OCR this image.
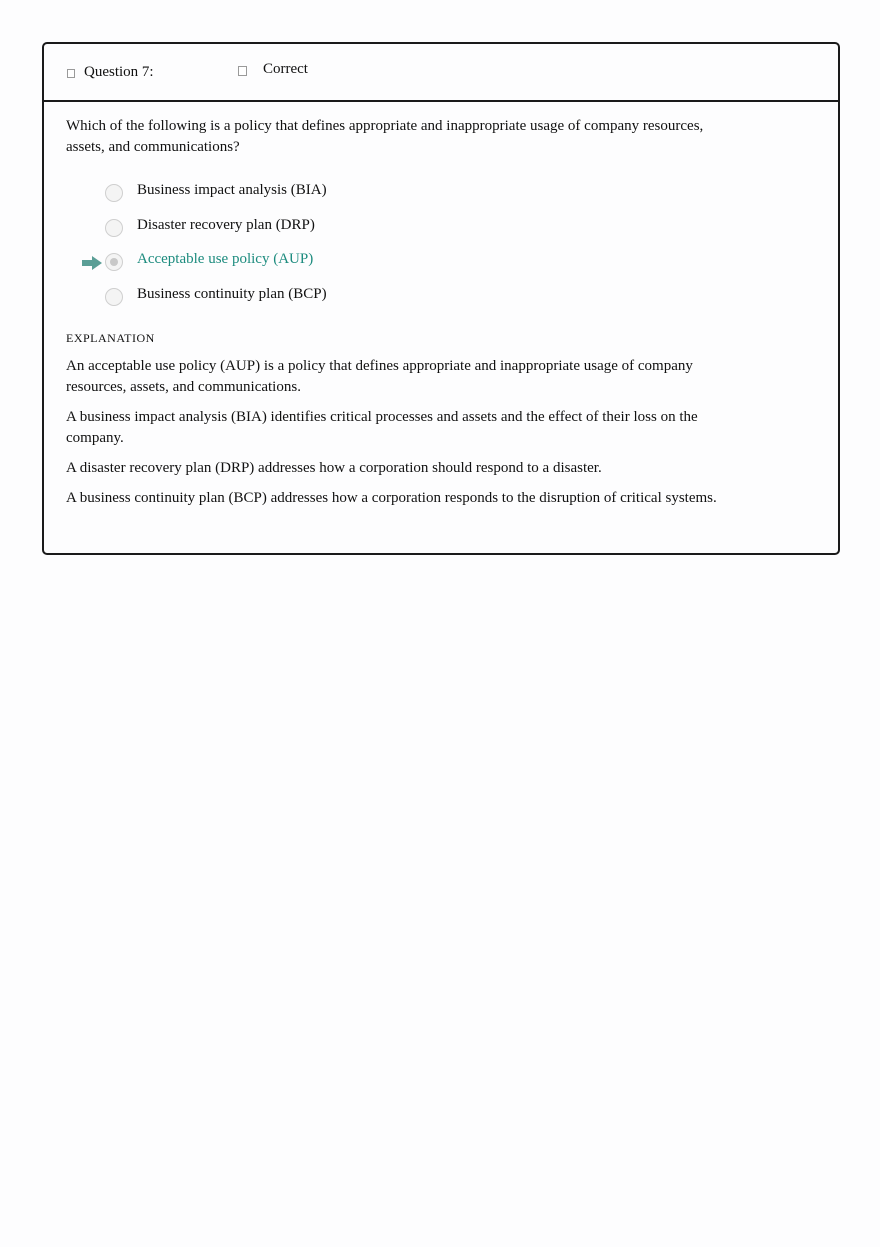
Question 7:	Correct
Which of the following is a policy that defines appropriate and inappropriate usage of company resources, assets, and communications?
Business impact analysis (BIA)
Disaster recovery plan (DRP)
Acceptable use policy (AUP)
Business continuity plan (BCP)
EXPLANATION

An acceptable use policy (AUP) is a policy that defines appropriate and inappropriate usage of company resources, assets, and communications.

A business impact analysis (BIA) identifies critical processes and assets and the effect of their loss on the company.

A disaster recovery plan (DRP) addresses how a corporation should respond to a disaster.

A business continuity plan (BCP) addresses how a corporation responds to the disruption of critical systems.
